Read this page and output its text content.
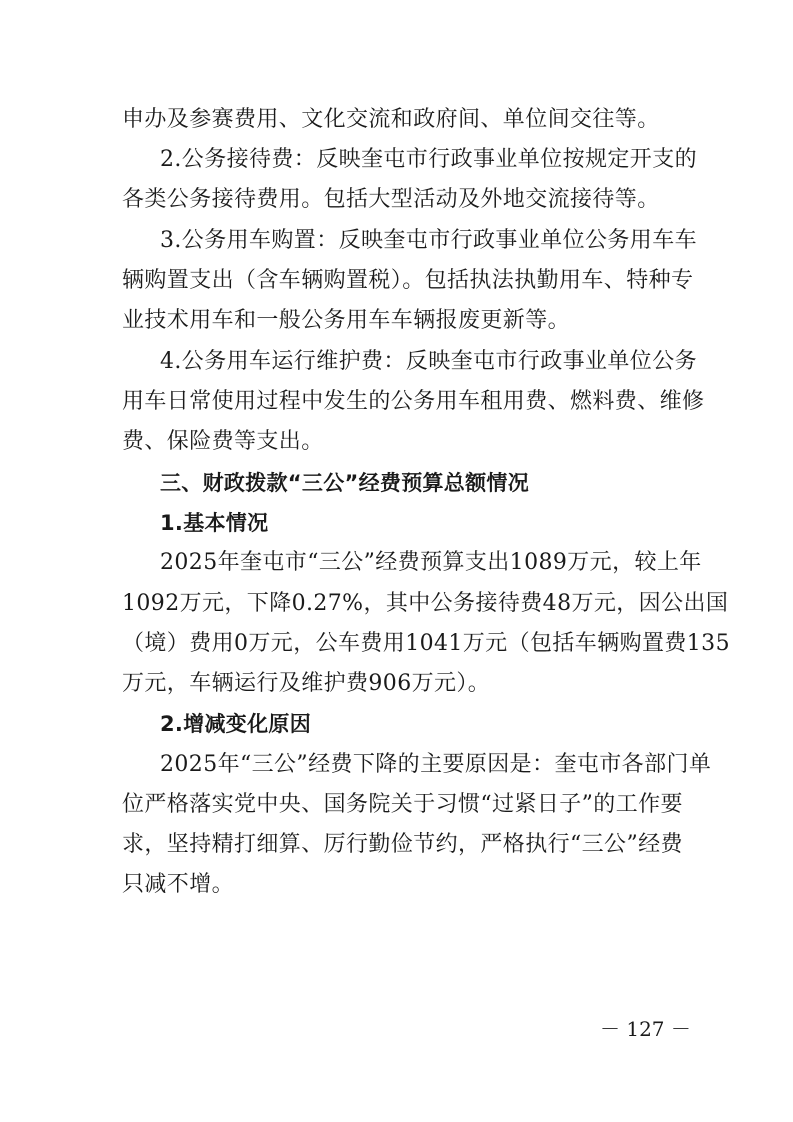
申办及参赛费用、文化交流和政府间、单位间交往等。
2.公务接待费：反映奎屯市行政事业单位按规定开支的
各类公务接待费用。包括大型活动及外地交流接待等。
3.公务用车购置：反映奎屯市行政事业单位公务用车车
辆购置支出（含车辆购置税）。包括执法执勤用车、特种专
业技术用车和一般公务用车车辆报废更新等。
4.公务用车运行维护费：反映奎屯市行政事业单位公务
用车日常使用过程中发生的公务用车租用费、燃料费、维修
费、保险费等支出。
三、财政拨款“三公”经费预算总额情况
1.基本情况
2025年奎屯市“三公”经费预算支出1089万元，较上年
1092万元，下降0.27%，其中公务接待费48万元，因公出国
（境）费用0万元，公车费用1041万元（包括车辆购置费135
万元，车辆运行及维护费906万元）。
2.增减变化原因
2025年“三公”经费下降的主要原因是：奎屯市各部门单
位严格落实党中央、国务院关于习惯“过紧日子”的工作要
求，坚持精打细算、厉行勤俭节约，严格执行“三公”经费
只减不增。
－ 127 －
